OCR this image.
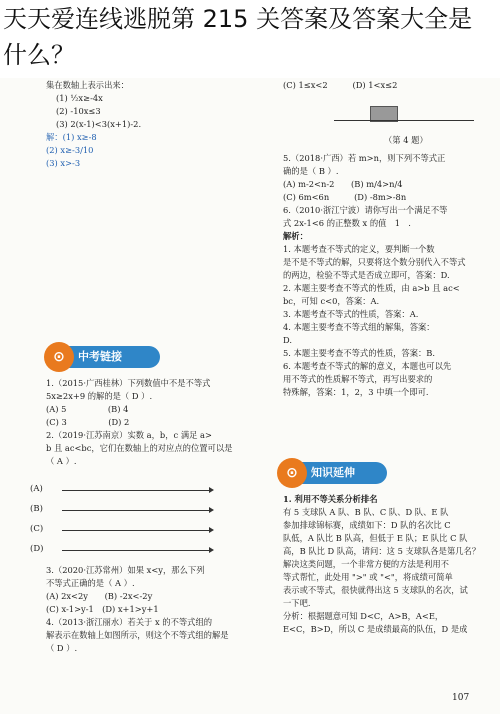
集在数轴上表示出来：
(1) ½x≥-4x
(2) -10x≤3
(3) 2(x-1)<3(x+1)-2.
解：(1) x≥-8
(2) x≥-3/10
(3) x>-3
⊙	中考链接
1.（2015·广西桂林）下列数值中不是不等式
5x≥2x+9 的解的是（ D ）.
(A) 5　　　　　(B) 4
(C) 3　　　　　(D) 2
2.（2019·江苏南京）实数 a，b，c 满足 a>
b 且 ac<bc，它们在数轴上的对应点的位置可以是
（ A ）.
(A)
(B)
(C)
(D)
3.（2020·江苏常州）如果 x<y，那么下列
不等式正确的是（ A ）.
(A) 2x<2y　　(B) -2x<-2y
(C) x-1>y-1　(D) x+1>y+1
4.（2013·浙江丽水）若关于 x 的不等式组的
解表示在数轴上如图所示，则这个不等式组的解是
（ D ）.
(C) 1≤x<2　　　(D) 1<x≤2
（第 4 题）
5.（2018·广西）若 m>n，则下列不等式正
确的是（ B ）.
(A) m-2<n-2　　(B) m/4>n/4
(C) 6m<6n　　　(D) -8m>-8n
6.（2010·浙江宁波）请你写出一个满足不等
式 2x-1<6 的正整数 x 的值　1　.
解析：
1. 本题考查不等式的定义，要判断一个数
是不是不等式的解，只要将这个数分别代入不等式
的两边，检验不等式是否成立即可，答案：D.
2. 本题主要考查不等式的性质，由 a>b 且 ac<
bc，可知 c<0，答案：A.
3. 本题考查不等式的性质，答案：A.
4. 本题主要考查不等式组的解集，答案：
D.
5. 本题主要考查不等式的性质，答案：B.
6. 本题考查不等式的解的意义，本题也可以先
用不等式的性质解不等式，再写出要求的
特殊解，答案：1，2，3 中填一个即可.
⊙	知识延伸
1. 利用不等关系分析排名
有 5 支球队 A 队、B 队、C 队、D 队、E 队
参加排球锦标赛，成绩如下：D 队的名次比 C
队低，A 队比 B 队高，但低于 E 队；E 队比 C 队
高，B 队比 D 队高，请问：这 5 支球队各是第几名？
解决这类问题，一个非常方便的方法是利用不
等式帮忙，此处用 ">" 或 "<"，将成绩可简单
表示或不等式，很快就得出这 5 支球队的名次，试
一下吧.
分析：根据题意可知 D<C，A>B，A<E，
E<C，B>D，所以 C 是成绩最高的队伍，D 是成
107
天天爱连线逃脱第 215 关答案及答案大全是
什么？
